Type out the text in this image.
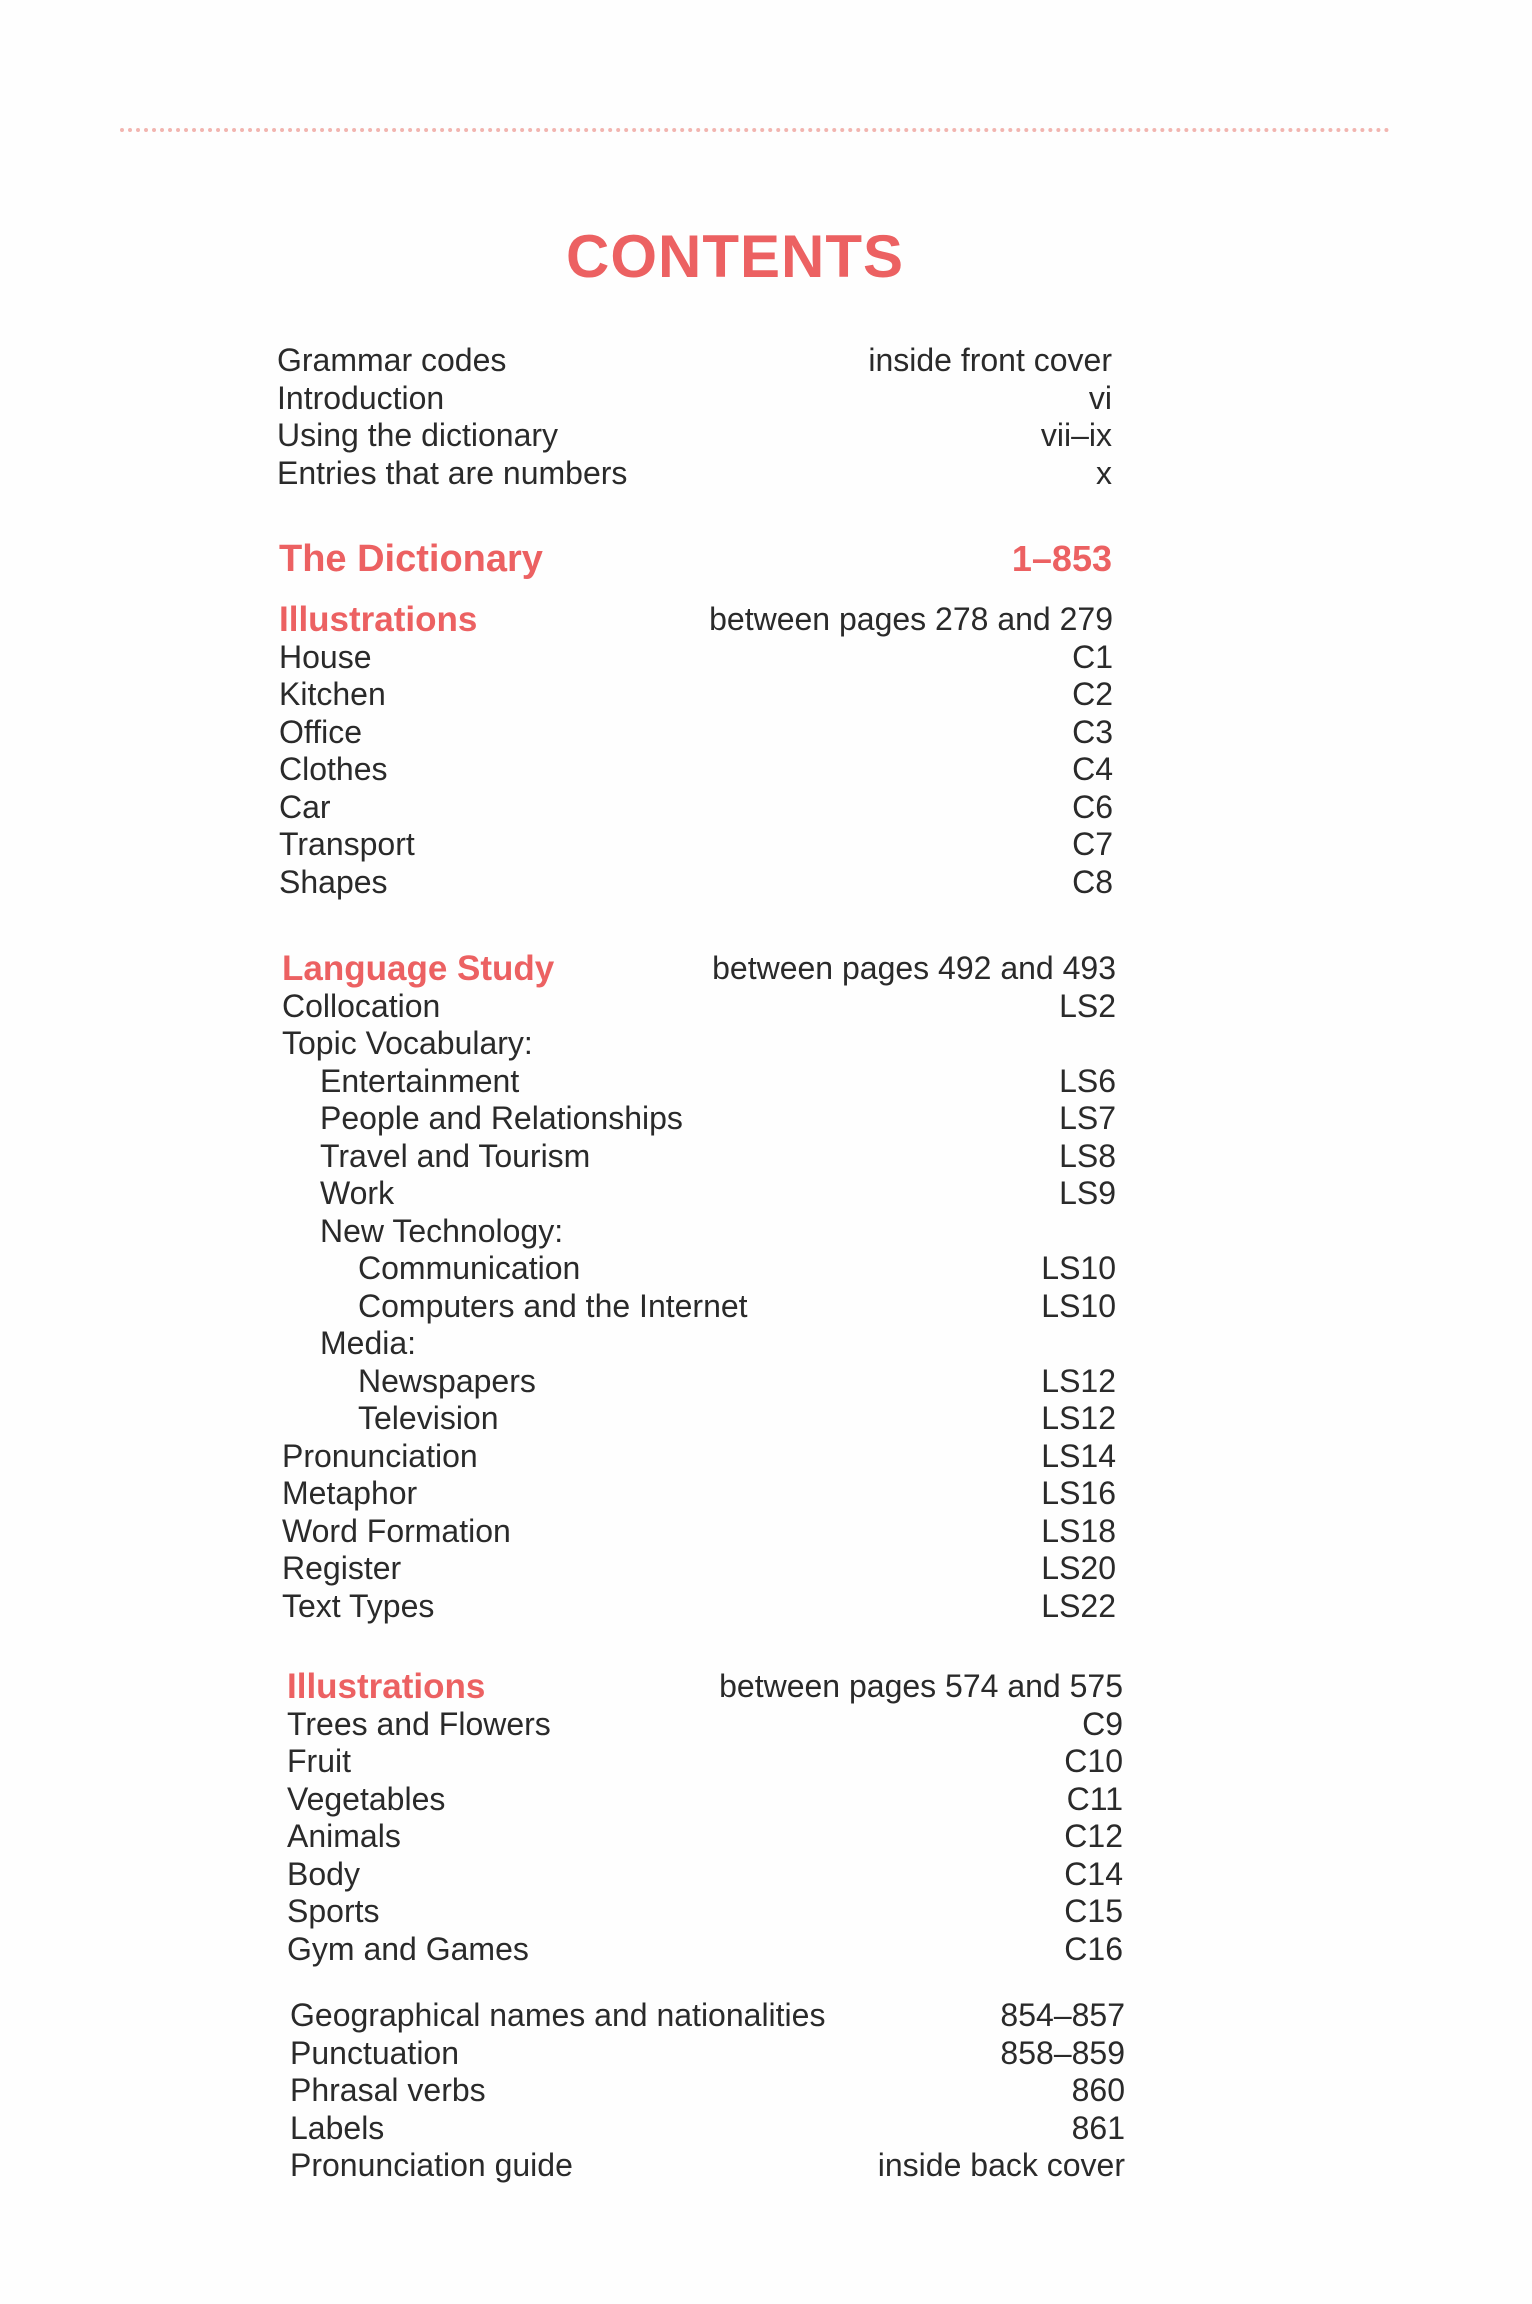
CONTENTS
Grammar codes	inside front cover
Introduction	vi
Using the dictionary	vii–ix
Entries that are numbers	x
The Dictionary	1–853
Illustrations	between pages 278 and 279
House	C1
Kitchen	C2
Office	C3
Clothes	C4
Car	C6
Transport	C7
Shapes	C8
Language Study	between pages 492 and 493
Collocation	LS2
Topic Vocabulary:
Entertainment	LS6
People and Relationships	LS7
Travel and Tourism	LS8
Work	LS9
New Technology:
Communication	LS10
Computers and the Internet	LS10
Media:
Newspapers	LS12
Television	LS12
Pronunciation	LS14
Metaphor	LS16
Word Formation	LS18
Register	LS20
Text Types	LS22
Illustrations	between pages 574 and 575
Trees and Flowers	C9
Fruit	C10
Vegetables	C11
Animals	C12
Body	C14
Sports	C15
Gym and Games	C16
Geographical names and nationalities	854–857
Punctuation	858–859
Phrasal verbs	860
Labels	861
Pronunciation guide	inside back cover
